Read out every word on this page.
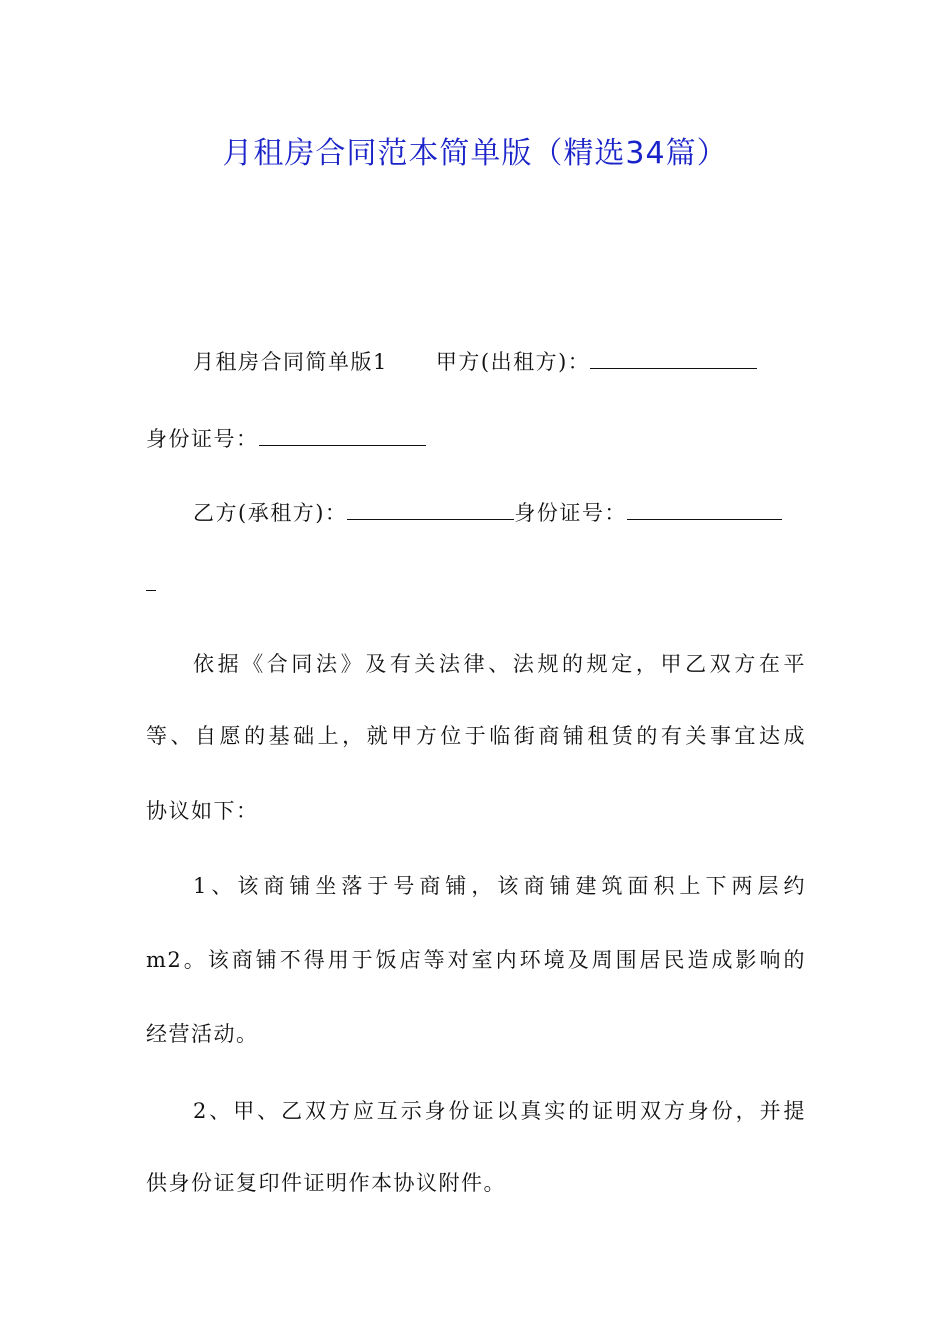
月租房合同范本简单版（精选34篇）
月租房合同简单版1 甲方(出租方)：
身份证号：
乙方(承租方)：	身份证号：
依据《合同法》及有关法律、法规的规定，甲乙双方在平
等、自愿的基础上，就甲方位于临街商铺租赁的有关事宜达成
协议如下：
1、该商铺坐落于号商铺，该商铺建筑面积上下两层约
m2。该商铺不得用于饭店等对室内环境及周围居民造成影响的
经营活动。
2、甲、乙双方应互示身份证以真实的证明双方身份，并提
供身份证复印件证明作本协议附件。
